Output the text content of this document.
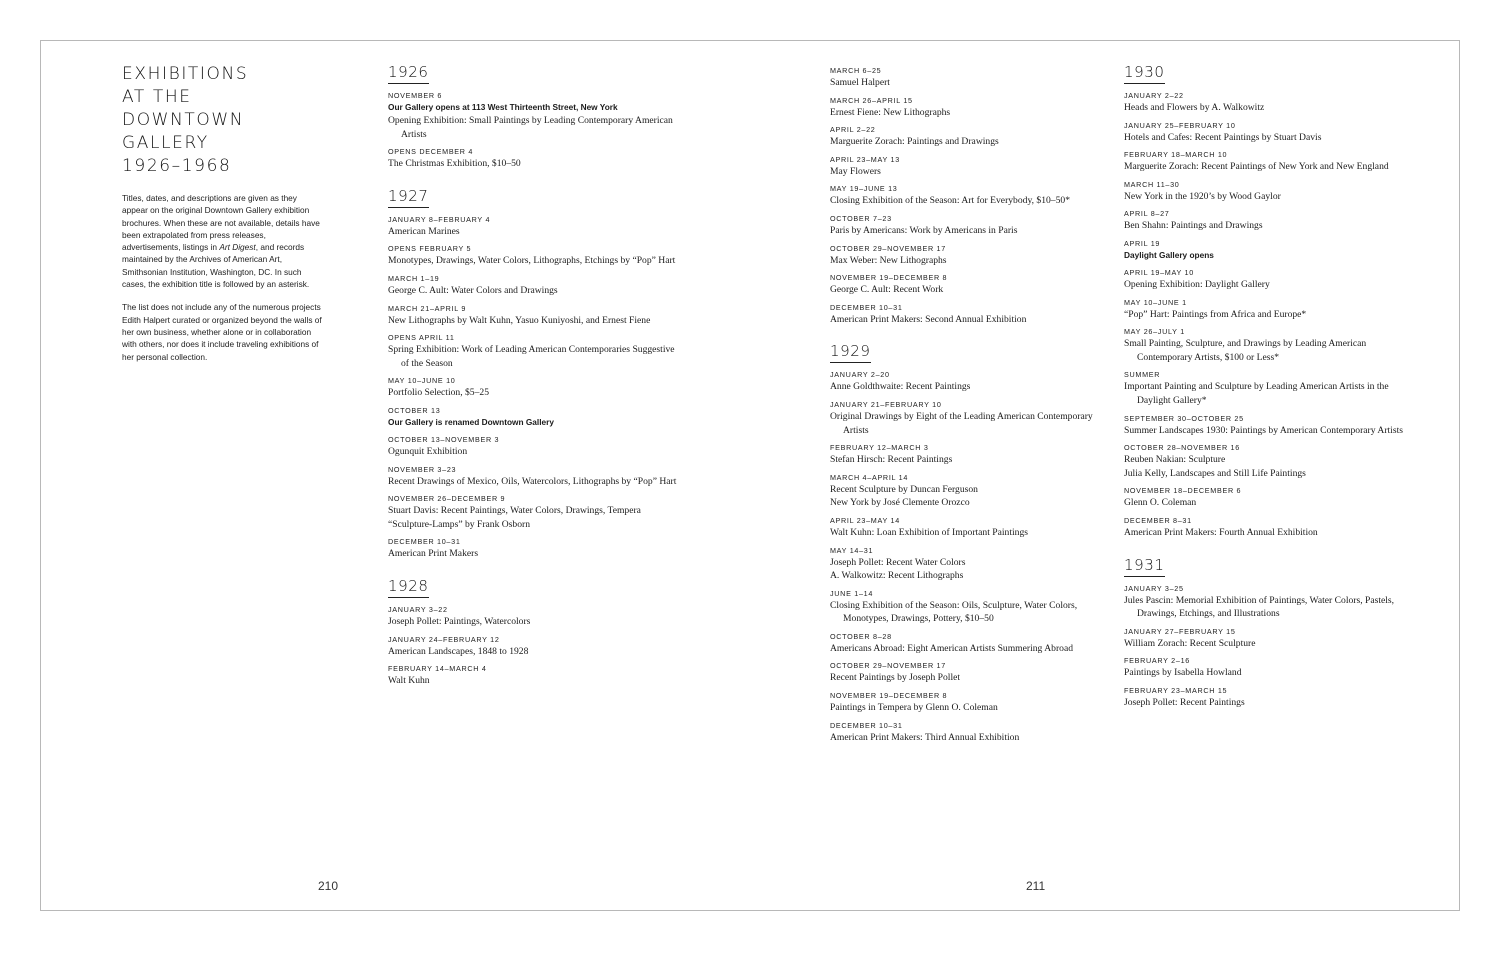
EXHIBITIONS
AT THE
DOWNTOWN
GALLERY
1926–1968

Titles, dates, and descriptions are given as they appear on the original Downtown Gallery exhibition brochures. When these are not available, details have been extrapolated from press releases, advertisements, listings in Art Digest, and records maintained by the Archives of American Art, Smithsonian Institution, Washington, DC. In such cases, the exhibition title is followed by an asterisk.

The list does not include any of the numerous projects Edith Halpert curated or organized beyond the walls of her own business, whether alone or in collaboration with others, nor does it include traveling exhibitions of her personal collection.

1926

NOVEMBER 6
Our Gallery opens at 113 West Thirteenth Street, New York
Opening Exhibition: Small Paintings by Leading Contemporary American Artists
OPENS DECEMBER 4
The Christmas Exhibition, $10–50
1927

JANUARY 8–FEBRUARY 4
American Marines
OPENS FEBRUARY 5
Monotypes, Drawings, Water Colors, Lithographs, Etchings by “Pop” Hart
MARCH 1–19
George C. Ault: Water Colors and Drawings
MARCH 21–APRIL 9
New Lithographs by Walt Kuhn, Yasuo Kuniyoshi, and Ernest Fiene
OPENS APRIL 11
Spring Exhibition: Work of Leading American Contemporaries Suggestive of the Season
MAY 10–JUNE 10
Portfolio Selection, $5–25
OCTOBER 13
Our Gallery is renamed Downtown Gallery
OCTOBER 13–NOVEMBER 3
Ogunquit Exhibition
NOVEMBER 3–23
Recent Drawings of Mexico, Oils, Watercolors, Lithographs by “Pop” Hart
NOVEMBER 26–DECEMBER 9
Stuart Davis: Recent Paintings, Water Colors, Drawings, Tempera
“Sculpture-Lamps” by Frank Osborn
DECEMBER 10–31
American Print Makers
1928

JANUARY 3–22
Joseph Pollet: Paintings, Watercolors
JANUARY 24–FEBRUARY 12
American Landscapes, 1848 to 1928
FEBRUARY 14–MARCH 4
Walt Kuhn
210
MARCH 6–25
Samuel Halpert
MARCH 26–APRIL 15
Ernest Fiene: New Lithographs
APRIL 2–22
Marguerite Zorach: Paintings and Drawings
APRIL 23–MAY 13
May Flowers
MAY 19–JUNE 13
Closing Exhibition of the Season: Art for Everybody, $10–50*
OCTOBER 7–23
Paris by Americans: Work by Americans in Paris
OCTOBER 29–NOVEMBER 17
Max Weber: New Lithographs
NOVEMBER 19–DECEMBER 8
George C. Ault: Recent Work
DECEMBER 10–31
American Print Makers: Second Annual Exhibition
1929

JANUARY 2–20
Anne Goldthwaite: Recent Paintings
JANUARY 21–FEBRUARY 10
Original Drawings by Eight of the Leading American Contemporary Artists
FEBRUARY 12–MARCH 3
Stefan Hirsch: Recent Paintings
MARCH 4–APRIL 14
Recent Sculpture by Duncan Ferguson
New York by José Clemente Orozco
APRIL 23–MAY 14
Walt Kuhn: Loan Exhibition of Important Paintings
MAY 14–31
Joseph Pollet: Recent Water Colors
A. Walkowitz: Recent Lithographs
JUNE 1–14
Closing Exhibition of the Season: Oils, Sculpture, Water Colors, Monotypes, Drawings, Pottery, $10–50
OCTOBER 8–28
Americans Abroad: Eight American Artists Summering Abroad
OCTOBER 29–NOVEMBER 17
Recent Paintings by Joseph Pollet
NOVEMBER 19–DECEMBER 8
Paintings in Tempera by Glenn O. Coleman
DECEMBER 10–31
American Print Makers: Third Annual Exhibition
1930

JANUARY 2–22
Heads and Flowers by A. Walkowitz
JANUARY 25–FEBRUARY 10
Hotels and Cafes: Recent Paintings by Stuart Davis
FEBRUARY 18–MARCH 10
Marguerite Zorach: Recent Paintings of New York and New England
MARCH 11–30
New York in the 1920’s by Wood Gaylor
APRIL 8–27
Ben Shahn: Paintings and Drawings
APRIL 19
Daylight Gallery opens
APRIL 19–MAY 10
Opening Exhibition: Daylight Gallery
MAY 10–JUNE 1
“Pop” Hart: Paintings from Africa and Europe*
MAY 26–JULY 1
Small Painting, Sculpture, and Drawings by Leading American Contemporary Artists, $100 or Less*
SUMMER
Important Painting and Sculpture by Leading American Artists in the Daylight Gallery*
SEPTEMBER 30–OCTOBER 25
Summer Landscapes 1930: Paintings by American Contemporary Artists
OCTOBER 28–NOVEMBER 16
Reuben Nakian: Sculpture
Julia Kelly, Landscapes and Still Life Paintings
NOVEMBER 18–DECEMBER 6
Glenn O. Coleman
DECEMBER 8–31
American Print Makers: Fourth Annual Exhibition
1931

JANUARY 3–25
Jules Pascin: Memorial Exhibition of Paintings, Water Colors, Pastels, Drawings, Etchings, and Illustrations
JANUARY 27–FEBRUARY 15
William Zorach: Recent Sculpture
FEBRUARY 2–16
Paintings by Isabella Howland
FEBRUARY 23–MARCH 15
Joseph Pollet: Recent Paintings
211
